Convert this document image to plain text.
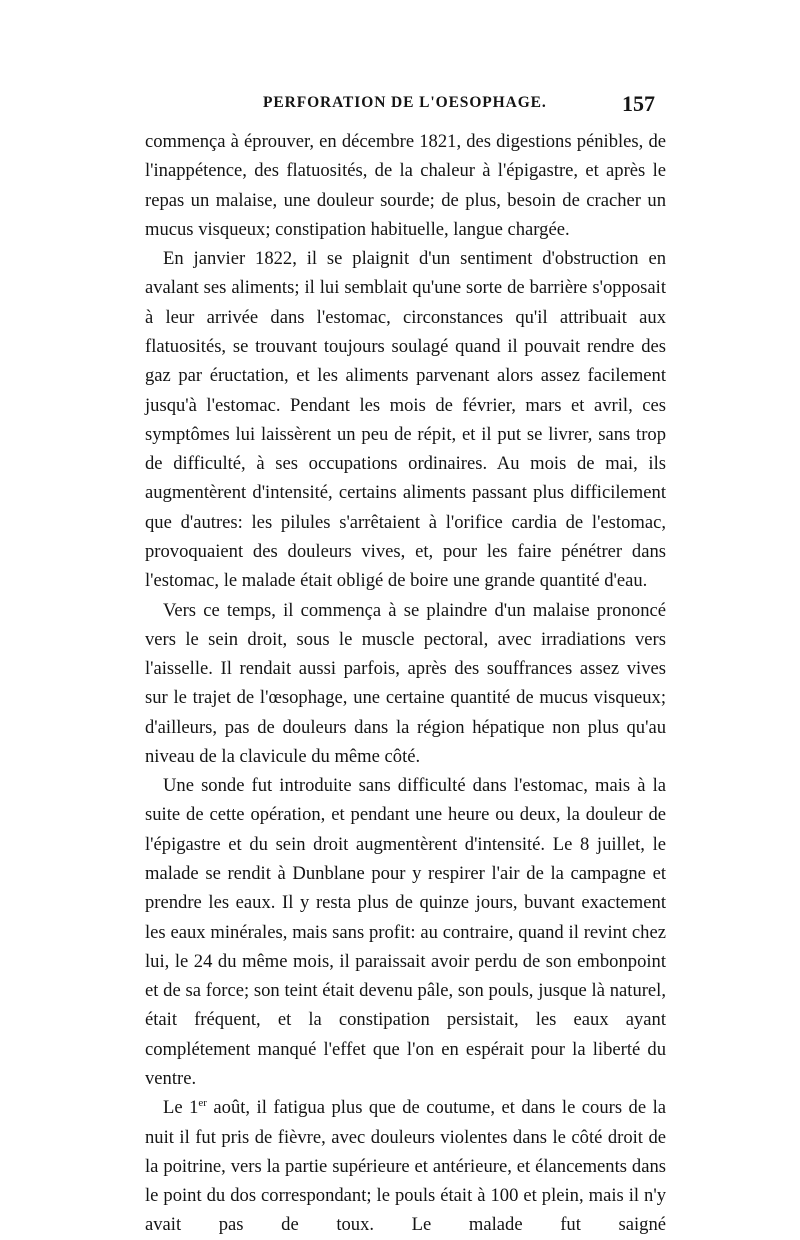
PERFORATION DE L'OESOPHAGE.	157

commença à éprouver, en décembre 1821, des digestions pénibles, de l'inappétence, des flatuosités, de la chaleur à l'épigastre, et après le repas un malaise, une douleur sourde; de plus, besoin de cracher un mucus visqueux; constipation habituelle, langue chargée.

En janvier 1822, il se plaignit d'un sentiment d'obstruction en avalant ses aliments; il lui semblait qu'une sorte de barrière s'opposait à leur arrivée dans l'estomac, circonstances qu'il attribuait aux flatuosités, se trouvant toujours soulagé quand il pouvait rendre des gaz par éructation, et les aliments parvenant alors assez facilement jusqu'à l'estomac. Pendant les mois de février, mars et avril, ces symptômes lui laissèrent un peu de répit, et il put se livrer, sans trop de difficulté, à ses occupations ordinaires. Au mois de mai, ils augmentèrent d'intensité, certains aliments passant plus difficilement que d'autres: les pilules s'arrêtaient à l'orifice cardia de l'estomac, provoquaient des douleurs vives, et, pour les faire pénétrer dans l'estomac, le malade était obligé de boire une grande quantité d'eau.

Vers ce temps, il commença à se plaindre d'un malaise prononcé vers le sein droit, sous le muscle pectoral, avec irradiations vers l'aisselle. Il rendait aussi parfois, après des souffrances assez vives sur le trajet de l'œsophage, une certaine quantité de mucus visqueux; d'ailleurs, pas de douleurs dans la région hépatique non plus qu'au niveau de la clavicule du même côté.

Une sonde fut introduite sans difficulté dans l'estomac, mais à la suite de cette opération, et pendant une heure ou deux, la douleur de l'épigastre et du sein droit augmentèrent d'intensité. Le 8 juillet, le malade se rendit à Dunblane pour y respirer l'air de la campagne et prendre les eaux. Il y resta plus de quinze jours, buvant exactement les eaux minérales, mais sans profit: au contraire, quand il revint chez lui, le 24 du même mois, il paraissait avoir perdu de son embonpoint et de sa force; son teint était devenu pâle, son pouls, jusque là naturel, était fréquent, et la constipation persistait, les eaux ayant complétement manqué l'effet que l'on en espérait pour la liberté du ventre.

Le 1er août, il fatigua plus que de coutume, et dans le cours de la nuit il fut pris de fièvre, avec douleurs violentes dans le côté droit de la poitrine, vers la partie supérieure et antérieure, et élancements dans le point du dos correspondant; le pouls était à 100 et plein, mais il n'y avait pas de toux. Le malade fut saigné
